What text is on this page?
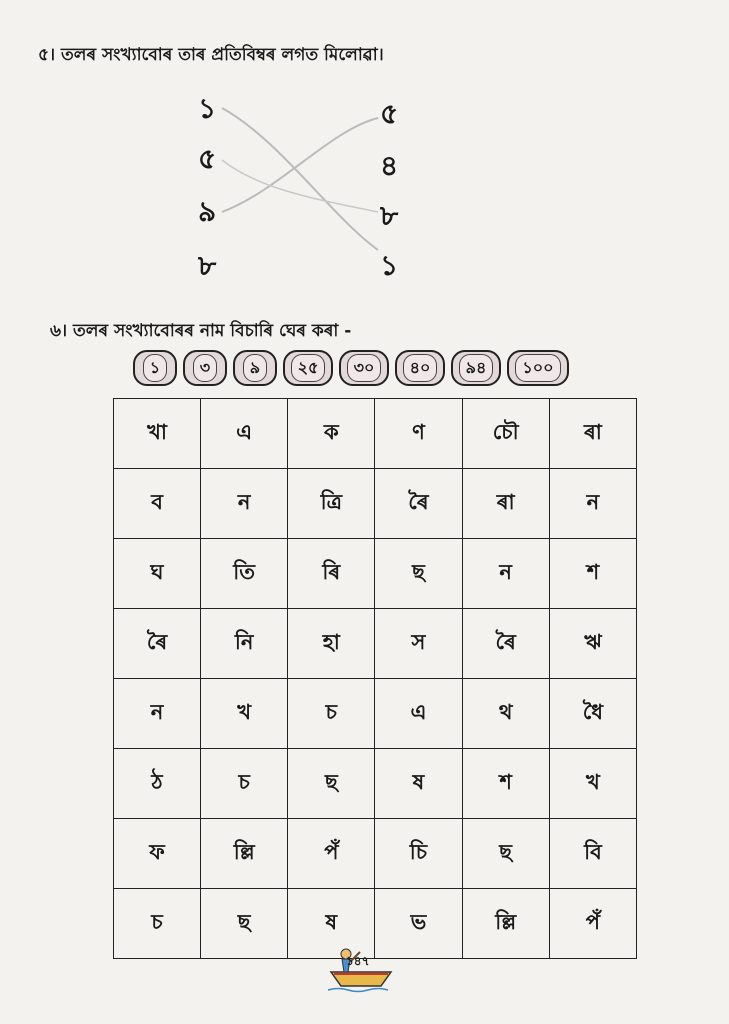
৫। তলৰ সংখ্যাবোৰ তাৰ প্ৰতিবিম্বৰ লগত মিলোৱা।
১
৫
৯
৮
৫
৪
৮
১
৬। তলৰ সংখ্যাবোৰৰ নাম বিচাৰি ঘেৰ কৰা -
১	৩	৯	২৫	৩০	৪০	৯৪	১০০
খা	এ	ক	ণ	চৌ	ৰা
ব	ন	ত্ৰি	ৰৈ	ৰা	ন
ঘ	তি	ৰি	ছ	ন	শ
ৰৈ	নি	হা	স	ৰৈ	ঋ
ন	খ	চ	এ	থ	ধৈ
ঠ	চ	ছ	ষ	শ	খ
ফ	ল্লি	পঁ	চি	ছ	বি
চ	ছ	ষ	ভ	ল্লি	পঁ
১৪৭
